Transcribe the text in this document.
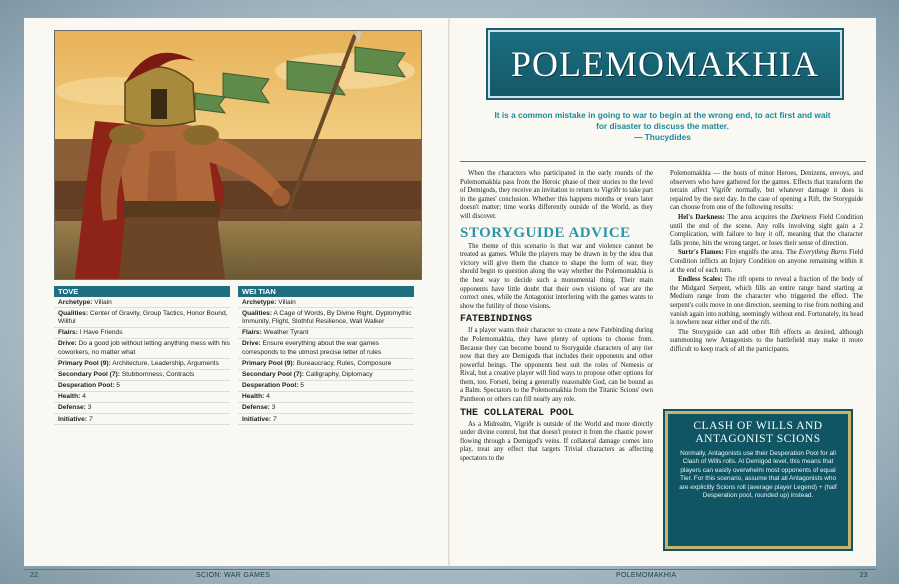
TOVE
Archetype: Villain
Qualities: Center of Gravity, Group Tactics, Honor Bound, Willful
Flairs: I Have Friends
Drive: Do a good job without letting anything mess with his coworkers, no matter what
Primary Pool (9): Architecture, Leadership, Arguments
Secondary Pool (7): Stubbornness, Contracts
Desperation Pool: 5
Health: 4
Defense: 3
Initiative: 7
WEI TIAN
Archetype: Villain
Qualities: A Cage of Words, By Divine Right, Dyplomythic Immunity, Flight, Slothful Resilience, Wall Walker
Flairs: Weather Tyrant
Drive: Ensure everything about the war games corresponds to the utmost precise letter of rules
Primary Pool (9): Bureaucracy, Rules, Composure
Secondary Pool (7): Calligraphy, Diplomacy
Desperation Pool: 5
Health: 4
Defense: 3
Initiative: 7
22	SCION: WAR GAMES
POLEMOMAKHIA
It is a common mistake in going to war to begin at the wrong end, to act first and wait for disaster to discuss the matter.
— Thucydides

When the characters who participated in the early rounds of the Polemomakhia pass from the Heroic phase of their stories to the level of Demigods, they receive an invitation to return to Vigríðr to take part in the games' conclusion. Whether this happens months or years later doesn't matter; time works differently outside of the World, as they will discover.

STORYGUIDE ADVICE

The theme of this scenario is that war and violence cannot be treated as games. While the players may be drawn in by the idea that victory will give them the chance to shape the form of war, they should begin to question along the way whether the Polemomakhia is the best way to decide such a monumental thing. Their main opponents have little doubt that their own visions of war are the correct ones, while the Antagonist interfering with the games wants to show the futility of those visions.

FATEBINDINGS

If a player wants their character to create a new Fatebinding during the Polemomakhia, they have plenty of options to choose from. Because they can become bound to Storyguide characters of any tier now that they are Demigods that includes their opponents and other powerful beings. The opponents best suit the roles of Nemesis or Rival, but a creative player will find ways to propose other options for them, too. Forseti, being a generally reasonable God, can be bound as a Balm. Spectators to the Polemomakhia from the Titanic Scions' own Pantheon or others can fill nearly any role.

THE COLLATERAL POOL

As a Midrealm, Vigríðr is outside of the World and more directly under divine control, but that doesn't protect it from the chaotic power flowing through a Demigod's veins. If collateral damage comes into play, treat any effect that targets Trivial characters as affecting spectators to the

Polemomakhia — the hosts of minor Heroes, Denizens, envoys, and observers who have gathered for the games. Effects that transform the terrain affect Vigríðr normally, but whatever damage it does is repaired by the next day. In the case of opening a Rift, the Storyguide can choose from one of the following results:

Hel's Darkness: The area acquires the Darkness Field Condition until the end of the scene. Any rolls involving sight gain a 2 Complication, with failure to buy it off, meaning that the character falls prone, hits the wrong target, or loses their sense of direction.

Surtr's Flames: Fire engulfs the area. The Everything Burns Field Condition inflicts an Injury Condition on anyone remaining within it at the end of each turn.

Endless Scales: The rift opens to reveal a fraction of the body of the Midgard Serpent, which fills an entire range band starting at Medium range from the character who triggered the effect. The serpent's coils move in one direction, seeming to rise from nothing and vanish again into nothing, seemingly without end. Fortunately, its head is nowhere near either end of the rift.

The Storyguide can add other Rift effects as desired, although summoning new Antagonists to the battlefield may make it more difficult to keep track of all the participants.

CLASH OF WILLS AND ANTAGONIST SCIONS
Normally, Antagonists use their Desperation Pool for all Clash of Wills rolls. At Demigod level, this means that players can easily overwhelm most opponents of equal Tier. For this scenario, assume that all Antagonists who are explicitly Scions roll (average player Legend) + (half Desperation pool, rounded up) instead.
POLEMOMAKHIA	23
